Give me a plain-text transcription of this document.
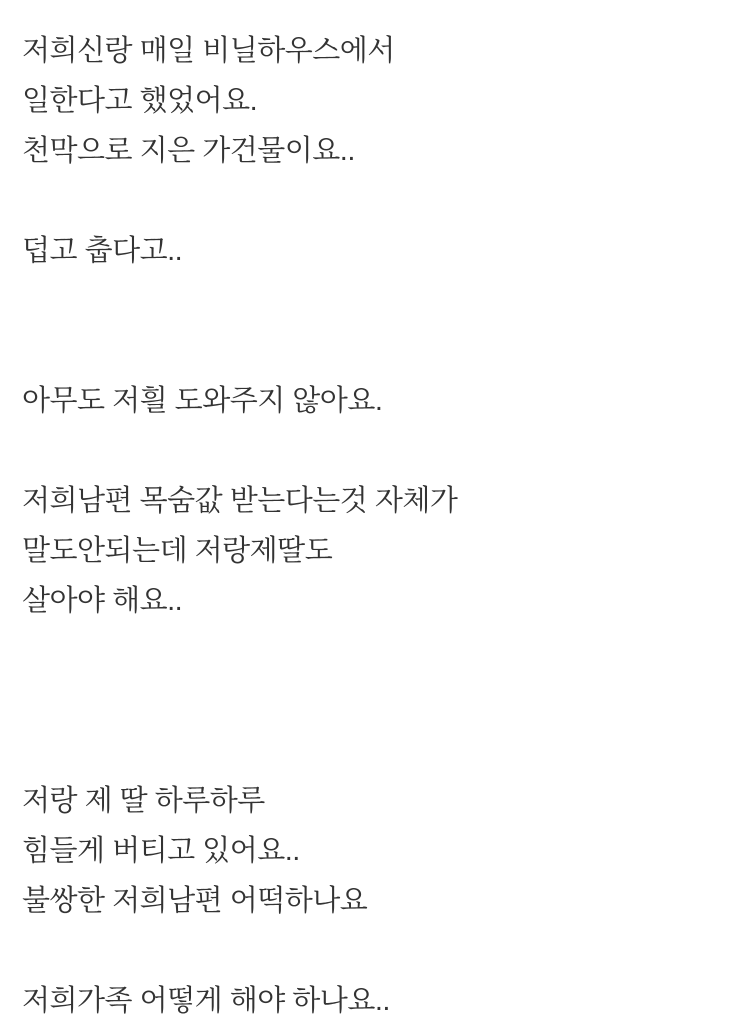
저희신랑 매일 비닐하우스에서
일한다고 했었어요.
천막으로 지은 가건물이요..
덥고 춥다고..
아무도 저흴 도와주지 않아요.
저희남편 목숨값 받는다는것 자체가
말도안되는데 저랑제딸도
살아야 해요..
저랑 제 딸 하루하루
힘들게 버티고 있어요..
불쌍한 저희남편 어떡하나요
저희가족 어떻게 해야 하나요..
